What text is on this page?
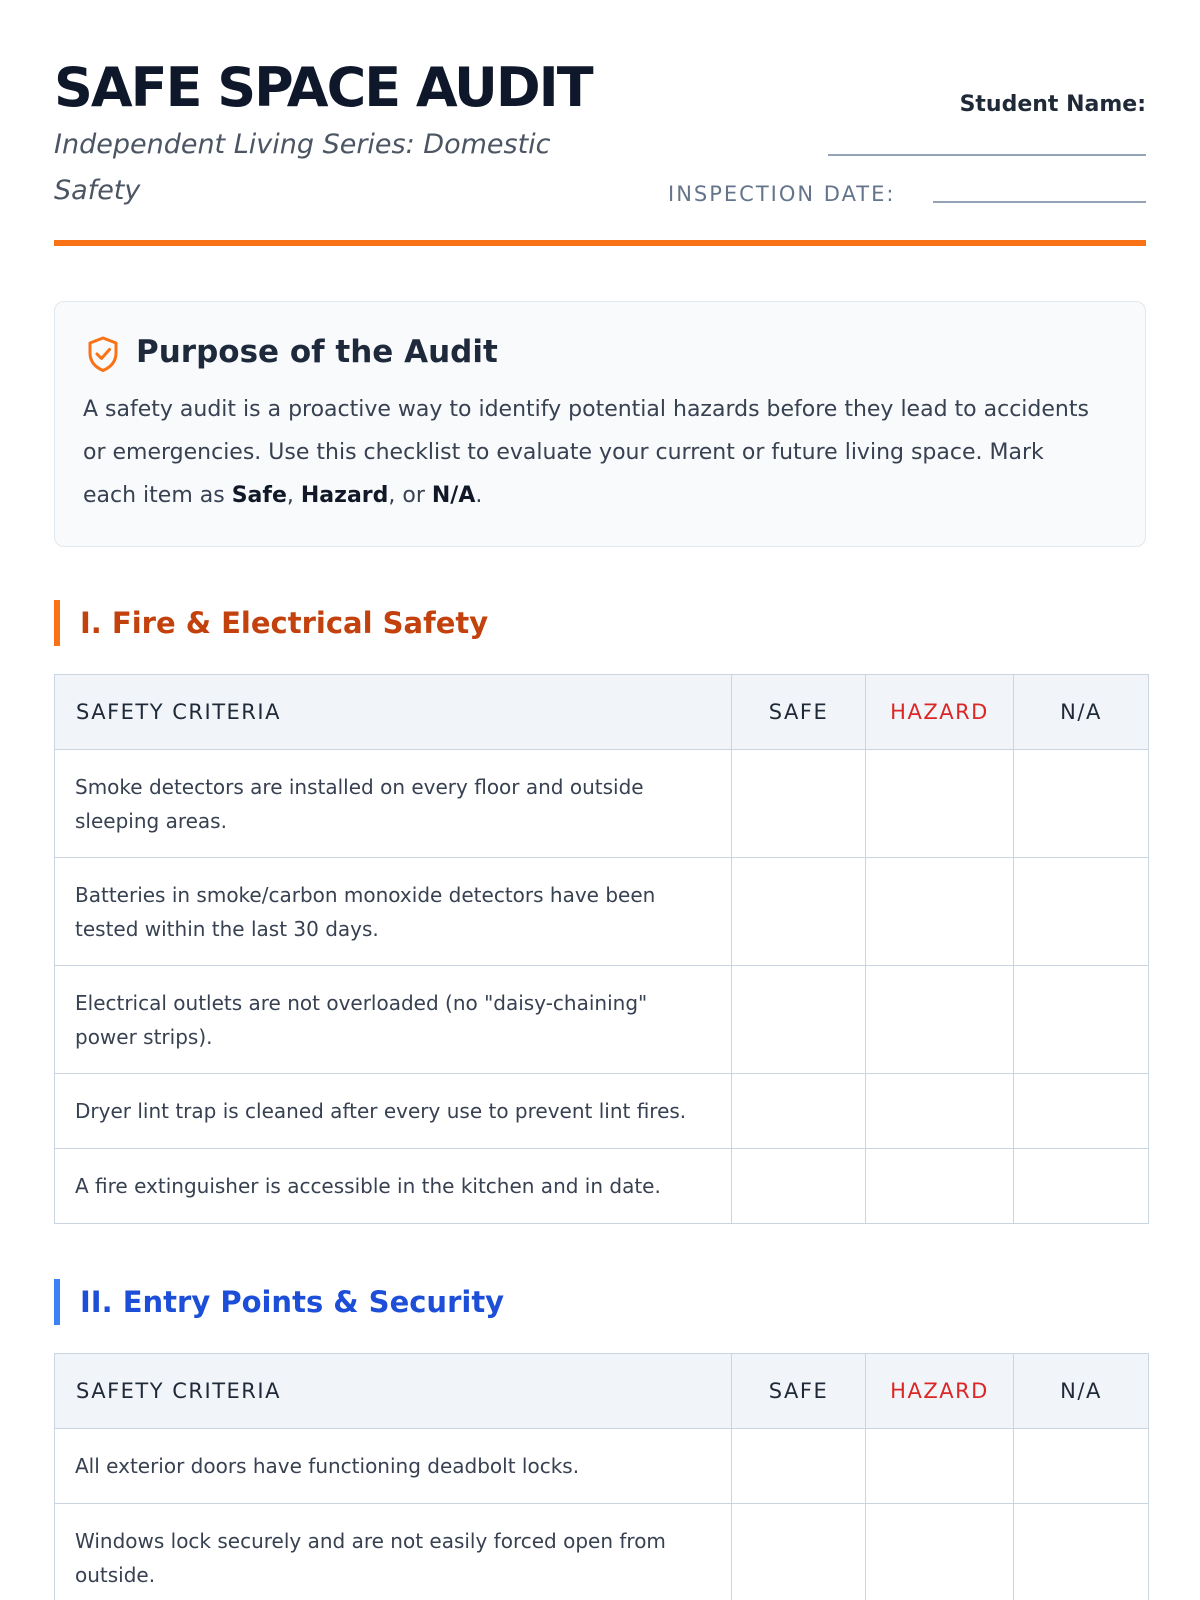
SAFE SPACE AUDIT
Independent Living Series: Domestic Safety
Student Name:
INSPECTION DATE:
Purpose of the Audit

A safety audit is a proactive way to identify potential hazards before they lead to accidents or emergencies. Use this checklist to evaluate your current or future living space. Mark each item as Safe, Hazard, or N/A.

I. Fire & Electrical Safety
SAFETY CRITERIA	SAFE	HAZARD	N/A
Smoke detectors are installed on every floor and outside sleeping areas.			
Batteries in smoke/carbon monoxide detectors have been tested within the last 30 days.			
Electrical outlets are not overloaded (no "daisy-chaining" power strips).			
Dryer lint trap is cleaned after every use to prevent lint fires.			
A fire extinguisher is accessible in the kitchen and in date.			
II. Entry Points & Security
SAFETY CRITERIA	SAFE	HAZARD	N/A
All exterior doors have functioning deadbolt locks.			
Windows lock securely and are not easily forced open from outside.			
